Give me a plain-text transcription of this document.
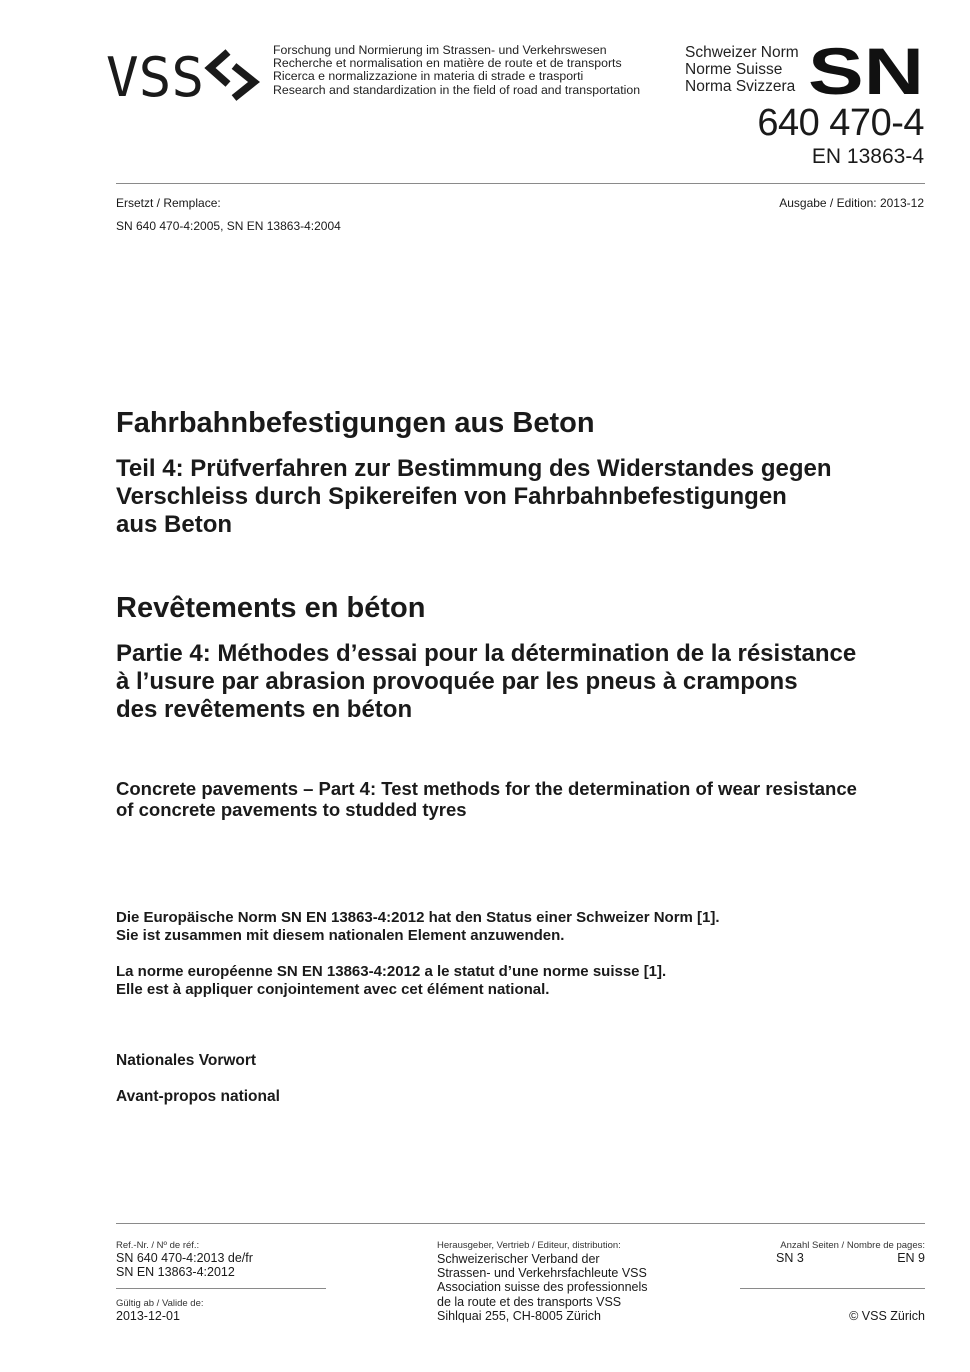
VSS	Forschung und Normierung im Strassen- und Verkehrswesen
Recherche et normalisation en matière de route et de transports
Ricerca e normalizzazione in materia di strade e trasporti
Research and standardization in the field of road and transportation
Schweizer Norm
Norme Suisse
Norma Svizzera SN
640 470-4
EN 13863-4
Ersetzt / Remplace:	Ausgabe / Edition: 2013-12
SN 640 470-4:2005, SN EN 13863-4:2004
Fahrbahnbefestigungen aus Beton
Teil 4: Prüfverfahren zur Bestimmung des Widerstandes gegen
Verschleiss durch Spikereifen von Fahrbahnbefestigungen
aus Beton
Revêtements en béton
Partie 4: Méthodes d’essai pour la détermination de la résistance
à l’usure par abrasion provoquée par les pneus à crampons
des revêtements en béton
Concrete pavements – Part 4: Test methods for the determination of wear resistance
of concrete pavements to studded tyres
Die Europäische Norm SN EN 13863-4:2012 hat den Status einer Schweizer Norm [1].
Sie ist zusammen mit diesem nationalen Element anzuwenden.
La norme européenne SN EN 13863-4:2012 a le statut d’une norme suisse [1].
Elle est à appliquer conjointement avec cet élément national.
Nationales Vorwort
Avant-propos national
Ref.-Nr. / Nº de réf.:
SN 640 470-4:2013 de/fr
SN EN 13863-4:2012
Gültig ab / Valide de:
2013-12-01
Herausgeber, Vertrieb / Editeur, distribution:
Schweizerischer Verband der
Strassen- und Verkehrsfachleute VSS
Association suisse des professionnels
de la route et des transports VSS
Sihlquai 255, CH-8005 Zürich
Anzahl Seiten / Nombre de pages:
SN 3	EN 9
© VSS Zürich
